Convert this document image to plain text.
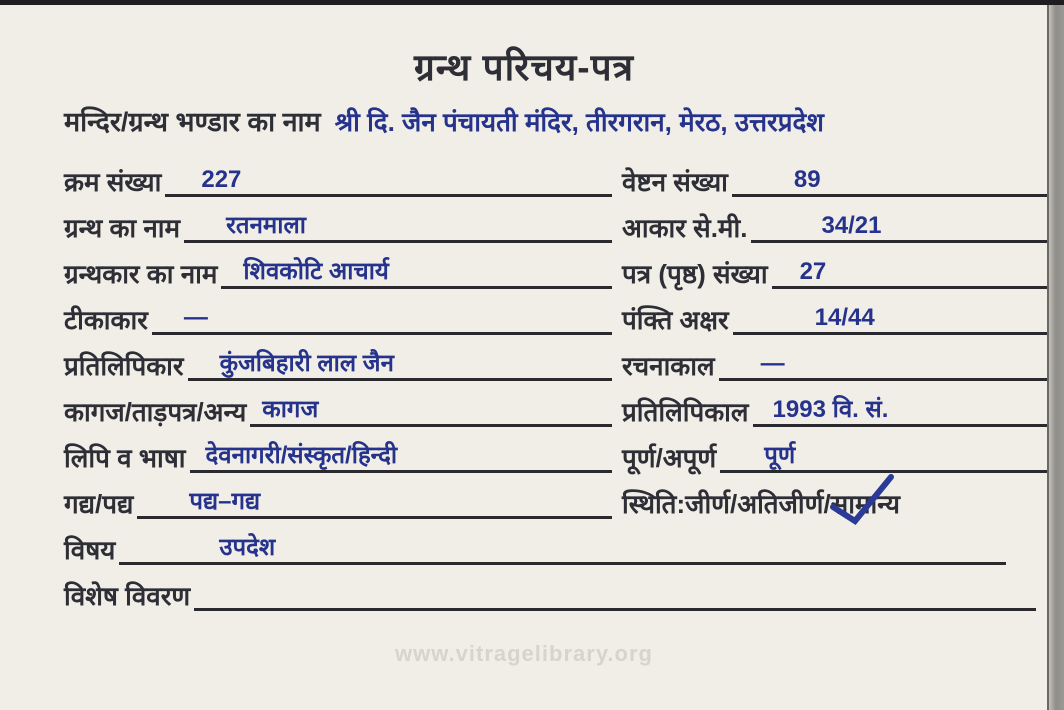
ग्रन्थ परिचय-पत्र
मन्दिर/ग्रन्थ भण्डार का नाम श्री दि. जैन पंचायती मंदिर, तीरगरान, मेरठ, उत्तरप्रदेश
क्रम संख्या 227	वेष्टन संख्या	89
ग्रन्थ का नाम रतनमाला	आकार से.मी.	34/21
ग्रन्थकार का नाम शिवकोटि आचार्य	पत्र (पृष्ठ) संख्या 27
टीकाकार —	पंक्ति अक्षर	14/44
प्रतिलिपिकार कुंजबिहारी लाल जैन	रचनाकाल —
कागज/ताड़पत्र/अन्य कागज	प्रतिलिपिकाल 1993 वि. सं.
लिपि व भाषा देवनागरी/संस्कृत/हिन्दी	पूर्ण/अपूर्ण पूर्ण
गद्य/पद्य पद्य–गद्य	स्थिति:जीर्ण/अतिजीर्ण/ सामान्य
विषय	उपदेश
विशेष विवरण
www.vitragelibrary.org
